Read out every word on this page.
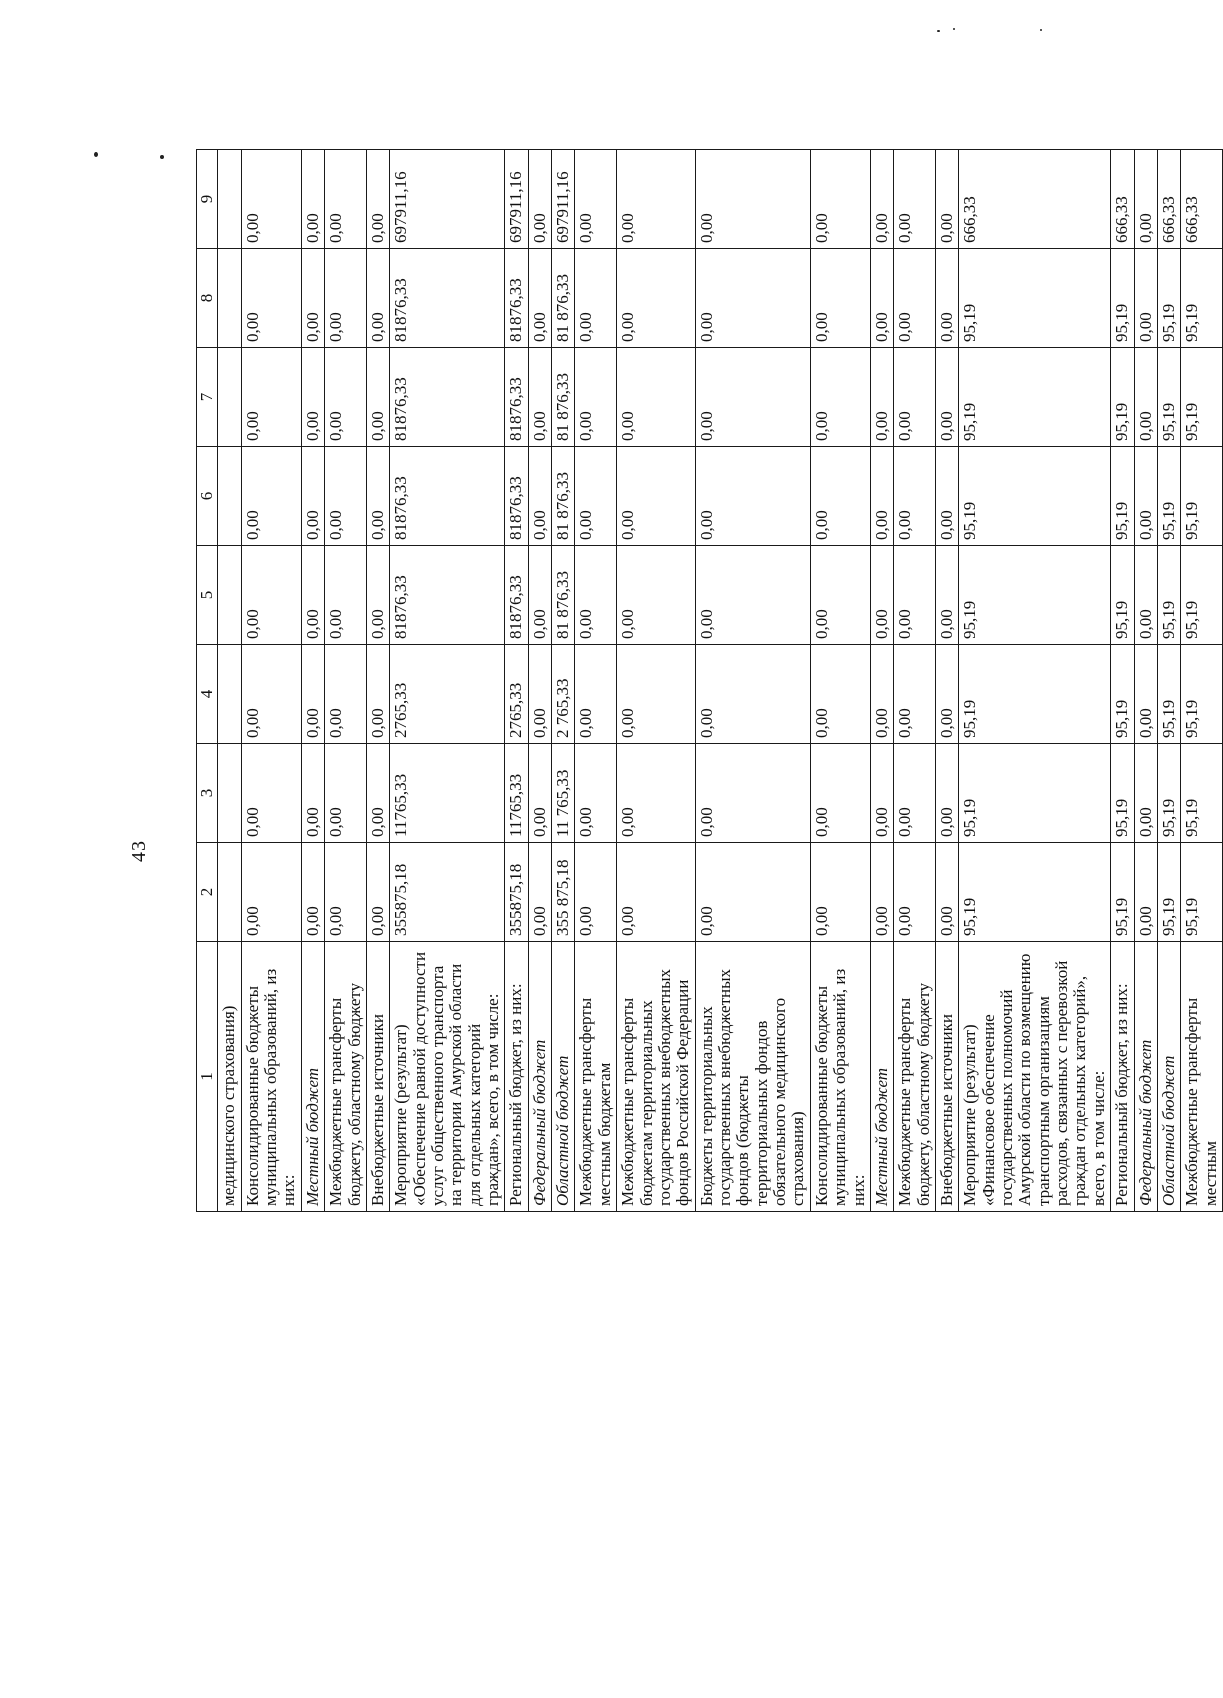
43
1	2	3	4	5	6	7	8	9
медицинского страхования)								
Консолидированные бюджеты муниципальных образований, из них:	0,00	0,00	0,00	0,00	0,00	0,00	0,00	0,00
Местный бюджет	0,00	0,00	0,00	0,00	0,00	0,00	0,00	0,00
Межбюджетные трансферты бюджету, областному бюджету	0,00	0,00	0,00	0,00	0,00	0,00	0,00	0,00
Внебюджетные источники	0,00	0,00	0,00	0,00	0,00	0,00	0,00	0,00
Мероприятие (результат) «Обеспечение равной доступности услуг общественного транспорта на территории Амурской области для отдельных категорий граждан», всего, в том числе:	355875,18	11765,33	2765,33	81876,33	81876,33	81876,33	81876,33	697911,16
Региональный бюджет, из них:	355875,18	11765,33	2765,33	81876,33	81876,33	81876,33	81876,33	697911,16
Федеральный бюджет	0,00	0,00	0,00	0,00	0,00	0,00	0,00	0,00
Областной бюджет	355 875,18	11 765,33	2 765,33	81 876,33	81 876,33	81 876,33	81 876,33	697911,16
Межбюджетные трансферты местным бюджетам	0,00	0,00	0,00	0,00	0,00	0,00	0,00	0,00
Межбюджетные трансферты бюджетам территориальных государственных внебюджетных фондов Российской Федерации	0,00	0,00	0,00	0,00	0,00	0,00	0,00	0,00
Бюджеты территориальных государственных внебюджетных фондов (бюджеты территориальных фондов обязательного медицинского страхования)	0,00	0,00	0,00	0,00	0,00	0,00	0,00	0,00
Консолидированные бюджеты муниципальных образований, из них:	0,00	0,00	0,00	0,00	0,00	0,00	0,00	0,00
Местный бюджет	0,00	0,00	0,00	0,00	0,00	0,00	0,00	0,00
Межбюджетные трансферты бюджету, областному бюджету	0,00	0,00	0,00	0,00	0,00	0,00	0,00	0,00
Внебюджетные источники	0,00	0,00	0,00	0,00	0,00	0,00	0,00	0,00
Мероприятие (результат) «Финансовое обеспечение государственных полномочий Амурской области по возмещению транспортным организациям расходов, связанных с перевозкой граждан отдельных категорий», всего, в том числе:	95,19	95,19	95,19	95,19	95,19	95,19	95,19	666,33
Региональный бюджет, из них:	95,19	95,19	95,19	95,19	95,19	95,19	95,19	666,33
Федеральный бюджет	0,00	0,00	0,00	0,00	0,00	0,00	0,00	0,00
Областной бюджет	95,19	95,19	95,19	95,19	95,19	95,19	95,19	666,33
Межбюджетные трансферты местным	95,19	95,19	95,19	95,19	95,19	95,19	95,19	666,33
